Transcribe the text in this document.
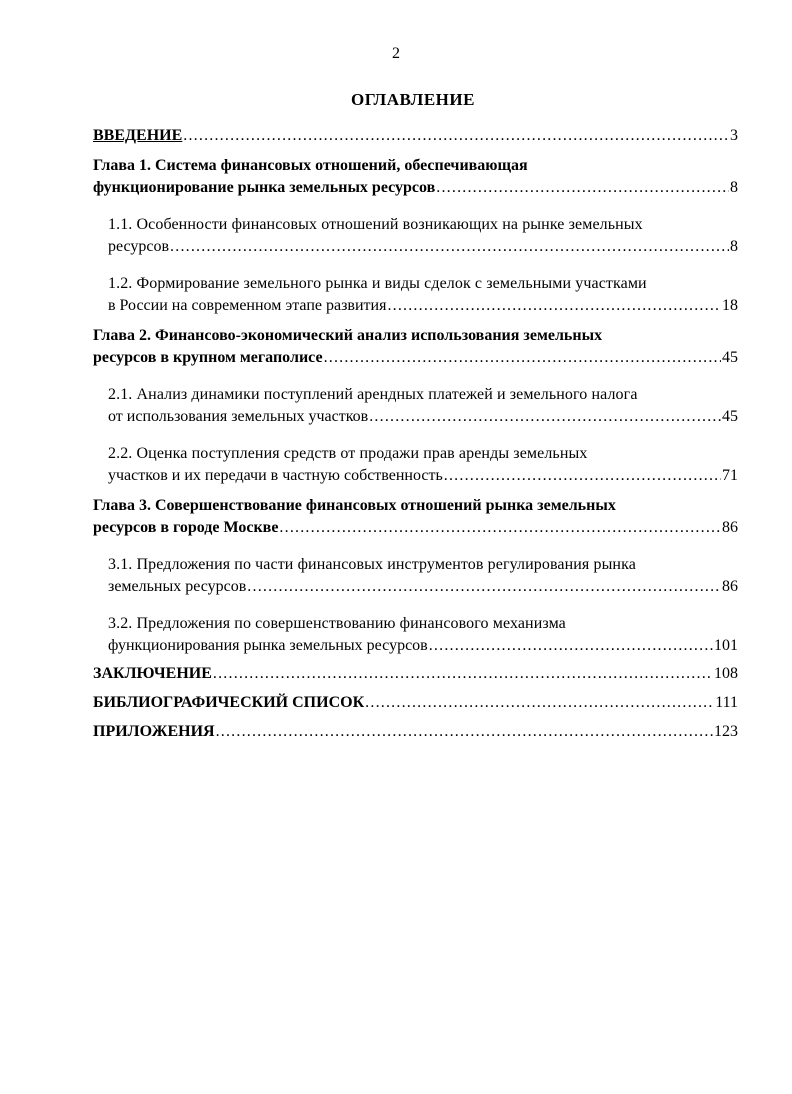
2
ОГЛАВЛЕНИЕ
ВВЕДЕНИЕ .....	3
Глава 1. Система финансовых отношений, обеспечивающая
функционирование рынка земельных ресурсов .....	8
1.1. Особенности финансовых отношений возникающих на рынке земельных
ресурсов .....	8
1.2. Формирование земельного рынка и виды сделок с земельными участками
в России на современном этапе развития .....	18
Глава 2. Финансово-экономический анализ использования земельных
ресурсов в крупном мегаполисе .....	45
2.1. Анализ динамики поступлений арендных платежей и земельного налога
от использования земельных участков .....	45
2.2. Оценка поступления средств от продажи прав аренды земельных
участков и их передачи в частную собственность .....	71
Глава 3. Совершенствование финансовых отношений рынка земельных
ресурсов в городе Москве .....	86
3.1. Предложения по части финансовых инструментов регулирования рынка
земельных ресурсов .....	86
3.2. Предложения по совершенствованию финансового механизма
функционирования рынка земельных ресурсов .....	101
ЗАКЛЮЧЕНИЕ .....	108
БИБЛИОГРАФИЧЕСКИЙ СПИСОК .....	111
ПРИЛОЖЕНИЯ .....	123
